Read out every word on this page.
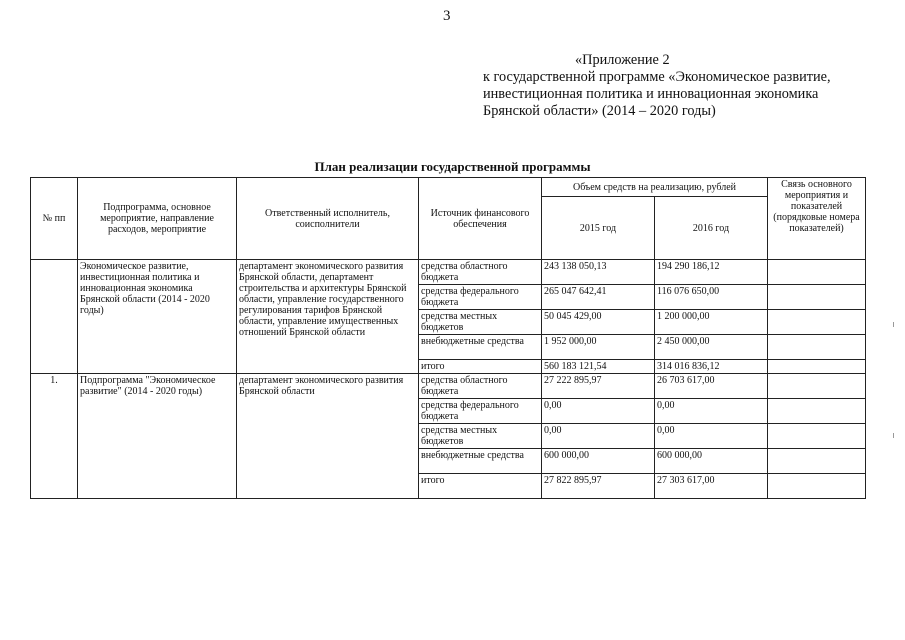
3
«Приложение 2
к государственной программе «Экономическое развитие,
инвестиционная политика и инновационная экономика
Брянской области» (2014 – 2020 годы)
План реализации государственной программы
№ пп	Подпрограмма, основное мероприятие, направление расходов, мероприятие	Ответственный исполнитель, соисполнители	Источник финансового обеспечения	Объем средств на реализацию, рублей		Связь основного мероприятия и показателей (порядковые номера показателей)
				2015 год	2016 год	
	Экономическое развитие, инвестиционная политика и инновационная экономика Брянской области (2014 - 2020 годы)	департамент экономического развития Брянской области, департамент строительства и архитектуры Брянской области, управление государственного регулирования тарифов Брянской области, управление имущественных отношений Брянской области	средства областного бюджета	243 138 050,13	194 290 186,12	
			средства федерального бюджета	265 047 642,41	116 076 650,00	
			средства местных бюджетов	50 045 429,00	1 200 000,00	
			внебюджетные средства	1 952 000,00	2 450 000,00	
			итого	560 183 121,54	314 016 836,12	
1.	Подпрограмма "Экономическое развитие" (2014 - 2020 годы)	департамент экономического развития Брянской области	средства областного бюджета	27 222 895,97	26 703 617,00	
			средства федерального бюджета	0,00	0,00	
			средства местных бюджетов	0,00	0,00	
			внебюджетные средства	600 000,00	600 000,00	
			итого	27 822 895,97	27 303 617,00	
